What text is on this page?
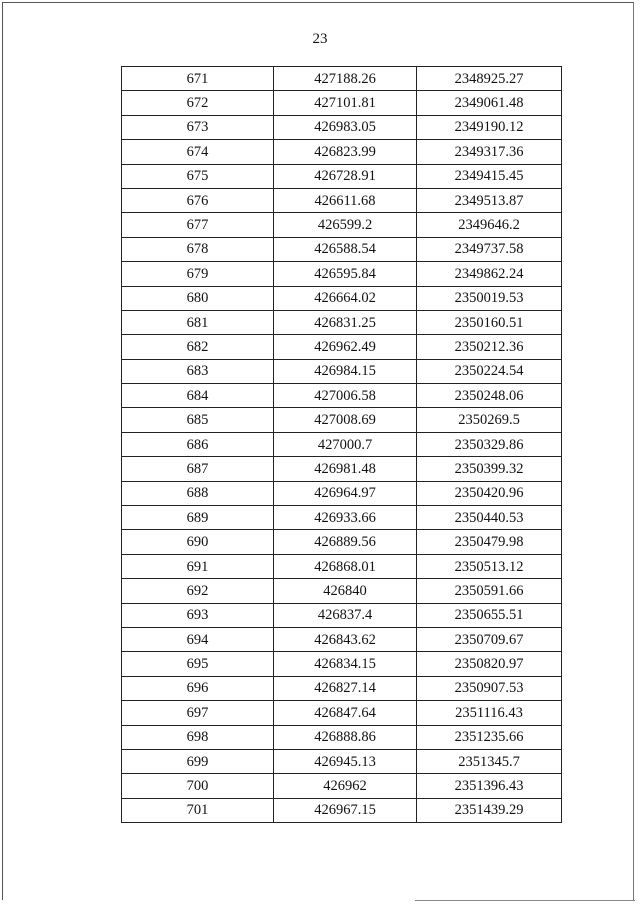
23
671	427188.26	2348925.27
672	427101.81	2349061.48
673	426983.05	2349190.12
674	426823.99	2349317.36
675	426728.91	2349415.45
676	426611.68	2349513.87
677	426599.2	2349646.2
678	426588.54	2349737.58
679	426595.84	2349862.24
680	426664.02	2350019.53
681	426831.25	2350160.51
682	426962.49	2350212.36
683	426984.15	2350224.54
684	427006.58	2350248.06
685	427008.69	2350269.5
686	427000.7	2350329.86
687	426981.48	2350399.32
688	426964.97	2350420.96
689	426933.66	2350440.53
690	426889.56	2350479.98
691	426868.01	2350513.12
692	426840	2350591.66
693	426837.4	2350655.51
694	426843.62	2350709.67
695	426834.15	2350820.97
696	426827.14	2350907.53
697	426847.64	2351116.43
698	426888.86	2351235.66
699	426945.13	2351345.7
700	426962	2351396.43
701	426967.15	2351439.29
